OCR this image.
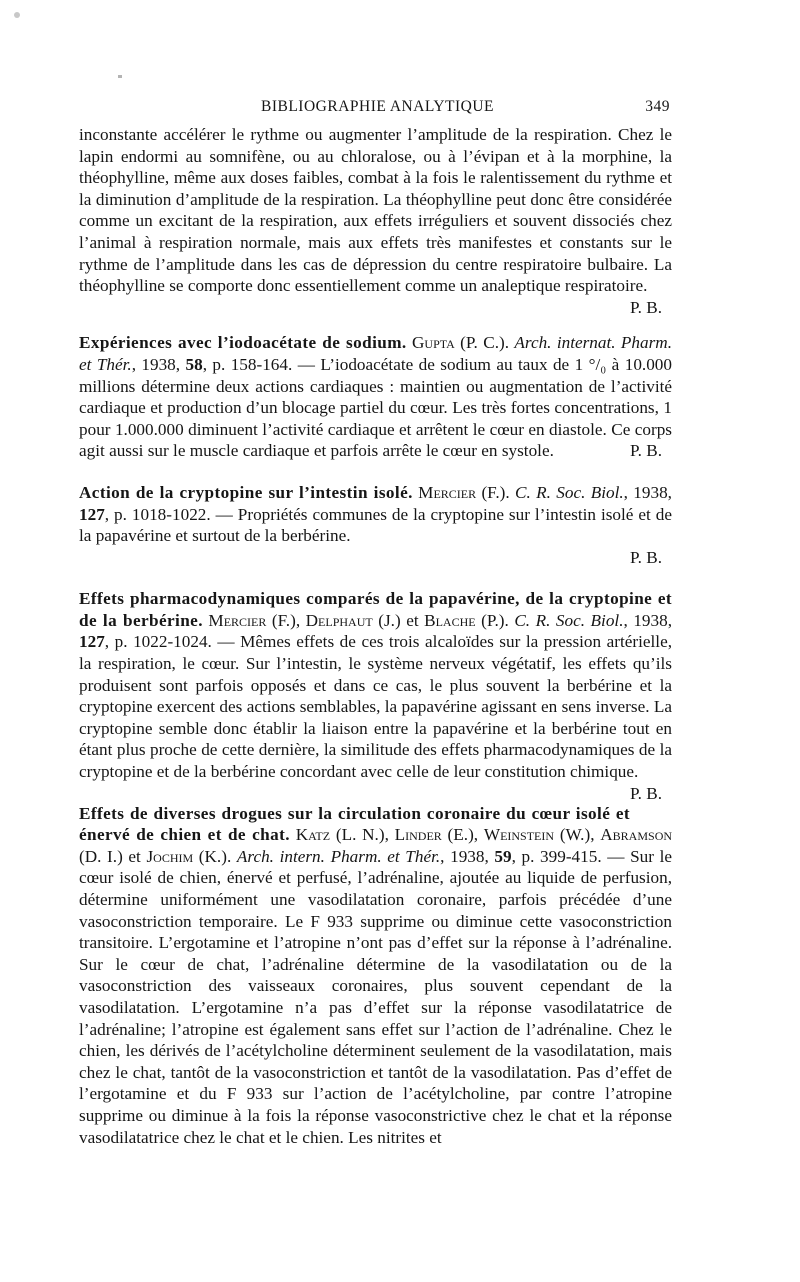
BIBLIOGRAPHIE ANALYTIQUE	349

inconstante accélérer le rythme ou augmenter l’amplitude de la respiration. Chez le lapin endormi au somnifène, ou au chloralose, ou à l’évipan et à la morphine, la théophylline, même aux doses faibles, combat à la fois le ralentissement du rythme et la diminution d’amplitude de la respiration. La théophylline peut donc être considérée comme un excitant de la respiration, aux effets irréguliers et souvent dissociés chez l’animal à respiration normale, mais aux effets très manifestes et constants sur le rythme de l’amplitude dans les cas de dépression du centre respiratoire bulbaire. La théophylline se comporte donc essentiellement comme un analeptique respiratoire.

P. B.

Expériences avec l’iodoacétate de sodium. Gupta (P. C.). Arch. internat. Pharm. et Thér., 1938, 58, p. 158-164. — L’iodoacétate de sodium au taux de 1 °/₀ à 10.000 millions détermine deux actions cardiaques : maintien ou augmentation de l’activité cardiaque et production d’un blocage partiel du cœur. Les très fortes concentrations, 1 pour 1.000.000 diminuent l’activité cardiaque et arrêtent le cœur en diastole. Ce corps agit aussi sur le muscle cardiaque et parfois arrête le cœur en systole.	P. B.

Action de la cryptopine sur l’intestin isolé. Mercier (F.). C. R. Soc. Biol., 1938, 127, p. 1018-1022. — Propriétés communes de la cryptopine sur l’intestin isolé et de la papavérine et surtout de la berbérine.

P. B.

Effets pharmacodynamiques comparés de la papavérine, de la cryptopine et de la berbérine. Mercier (F.), Delphaut (J.) et Blache (P.). C. R. Soc. Biol., 1938, 127, p. 1022-1024. — Mêmes effets de ces trois alcaloïdes sur la pression artérielle, la respiration, le cœur. Sur l’intestin, le système nerveux végétatif, les effets qu’ils produisent sont parfois opposés et dans ce cas, le plus souvent la berbérine et la cryptopine exercent des actions semblables, la papavérine agissant en sens inverse. La cryptopine semble donc établir la liaison entre la papavérine et la berbérine tout en étant plus proche de cette dernière, la similitude des effets pharmacodynamiques de la cryptopine et de la berbérine concordant avec celle de leur constitution chimique.
P. B.

Effets de diverses drogues sur la circulation coronaire du cœur isolé et énervé de chien et de chat. Katz (L. N.), Linder (E.), Weinstein (W.), Abramson (D. I.) et Jochim (K.). Arch. intern. Pharm. et Thér., 1938, 59, p. 399-415. — Sur le cœur isolé de chien, énervé et perfusé, l’adrénaline, ajoutée au liquide de perfusion, détermine uniformément une vasodilatation coronaire, parfois précédée d’une vasoconstriction temporaire. Le F 933 supprime ou diminue cette vasoconstriction transitoire. L’ergotamine et l’atropine n’ont pas d’effet sur la réponse à l’adrénaline. Sur le cœur de chat, l’adrénaline détermine de la vasodilatation ou de la vasoconstriction des vaisseaux coronaires, plus souvent cependant de la vasodilatation. L’ergotamine n’a pas d’effet sur la réponse vasodilatatrice de l’adrénaline; l’atropine est également sans effet sur l’action de l’adrénaline. Chez le chien, les dérivés de l’acétylcholine déterminent seulement de la vasodilatation, mais chez le chat, tantôt de la vasoconstriction et tantôt de la vasodilatation. Pas d’effet de l’ergotamine et du F 933 sur l’action de l’acétylcholine, par contre l’atropine supprime ou diminue à la fois la réponse vasoconstrictive chez le chat et la réponse vasodilatatrice chez le chat et le chien. Les nitrites et
